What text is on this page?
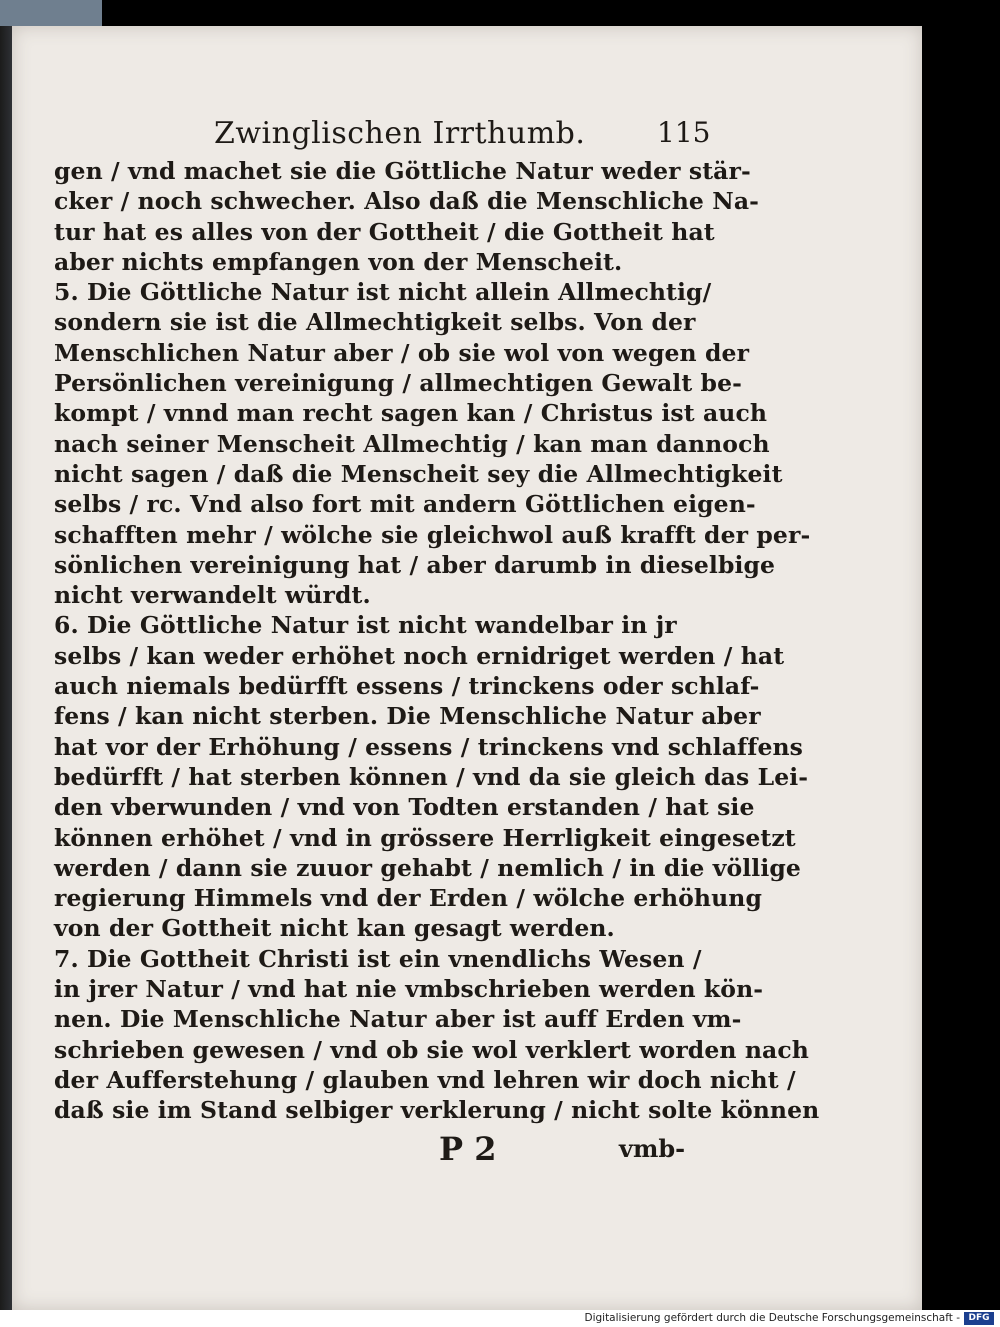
Zwinglischen Irrthumb.	115
gen / vnd machet sie die Göttliche Natur weder stär-
cker / noch schwecher. Also daß die Menschliche Na-
tur hat es alles von der Gottheit / die Gottheit hat
aber nichts empfangen von der Menscheit.
5. Die Göttliche Natur ist nicht allein Allmechtig/
sondern sie ist die Allmechtigkeit selbs. Von der
Menschlichen Natur aber / ob sie wol von wegen der
Persönlichen vereinigung / allmechtigen Gewalt be-
kompt / vnnd man recht sagen kan / Christus ist auch
nach seiner Menscheit Allmechtig / kan man dannoch
nicht sagen / daß die Menscheit sey die Allmechtigkeit
selbs / rc. Vnd also fort mit andern Göttlichen eigen-
schafften mehr / wölche sie gleichwol auß krafft der per-
sönlichen vereinigung hat / aber darumb in dieselbige
nicht verwandelt würdt.
6. Die Göttliche Natur ist nicht wandelbar in jr
selbs / kan weder erhöhet noch ernidriget werden / hat
auch niemals bedürfft essens / trinckens oder schlaf-
fens / kan nicht sterben. Die Menschliche Natur aber
hat vor der Erhöhung / essens / trinckens vnd schlaffens
bedürfft / hat sterben können / vnd da sie gleich das Lei-
den vberwunden / vnd von Todten erstanden / hat sie
können erhöhet / vnd in grössere Herrligkeit eingesetzt
werden / dann sie zuuor gehabt / nemlich / in die völlige
regierung Himmels vnd der Erden / wölche erhöhung
von der Gottheit nicht kan gesagt werden.
7. Die Gottheit Christi ist ein vnendlichs Wesen /
in jrer Natur / vnd hat nie vmbschrieben werden kön-
nen. Die Menschliche Natur aber ist auff Erden vm-
schrieben gewesen / vnd ob sie wol verklert worden nach
der Aufferstehung / glauben vnd lehren wir doch nicht /
daß sie im Stand selbiger verklerung / nicht solte können
P 2	vmb-
Digitalisierung gefördert durch die Deutsche Forschungsgemeinschaft - DFG
